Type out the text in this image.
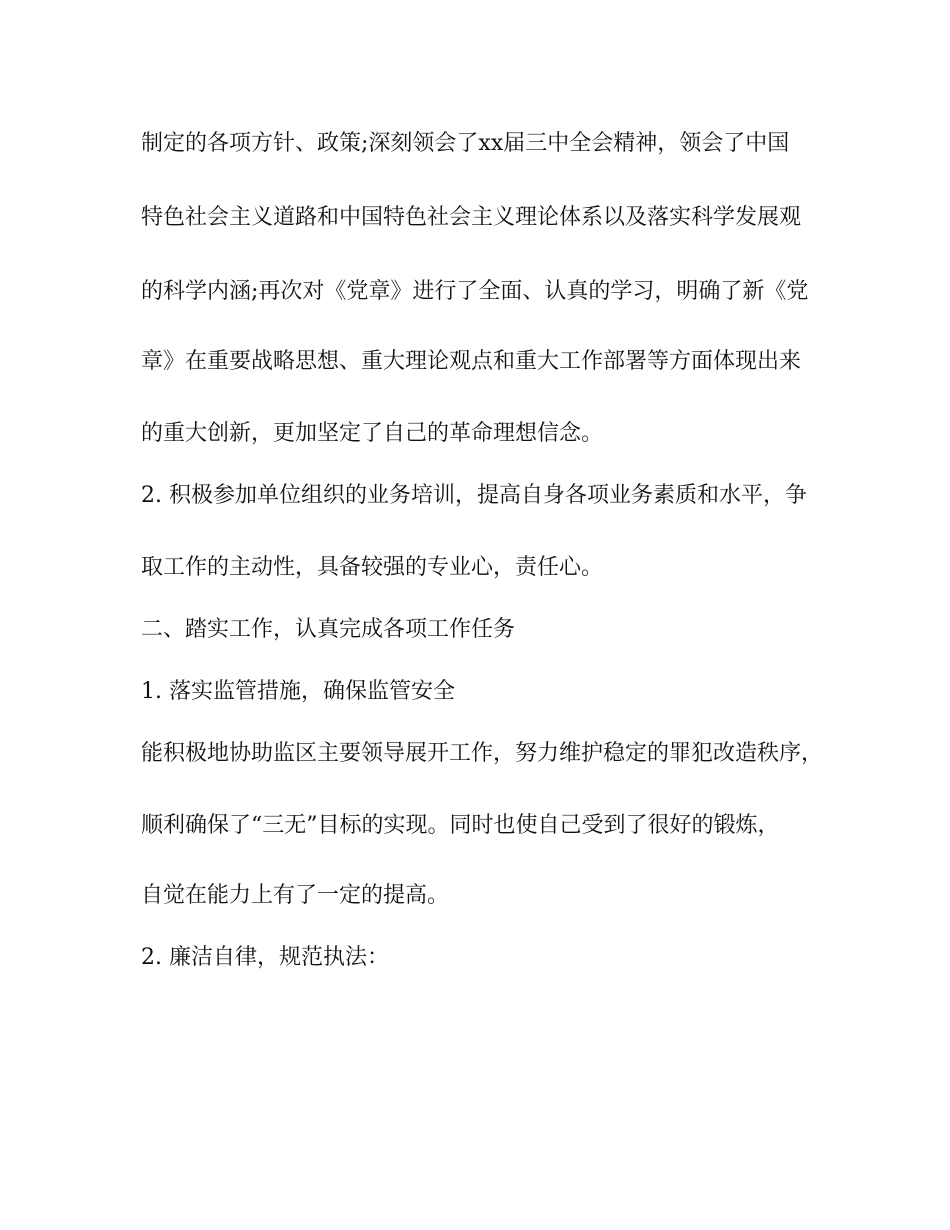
制定的各项方针、政策;深刻领会了xx届三中全会精神，领会了中国
特色社会主义道路和中国特色社会主义理论体系以及落实科学发展观
的科学内涵;再次对《党章》进行了全面、认真的学习，明确了新《党
章》在重要战略思想、重大理论观点和重大工作部署等方面体现出来
的重大创新，更加坚定了自己的革命理想信念。
2. 积极参加单位组织的业务培训，提高自身各项业务素质和水平，争
取工作的主动性，具备较强的专业心，责任心。
二、踏实工作，认真完成各项工作任务
1. 落实监管措施，确保监管安全
能积极地协助监区主要领导展开工作，努力维护稳定的罪犯改造秩序，
顺利确保了“三无”目标的实现。同时也使自己受到了很好的锻炼，
自觉在能力上有了一定的提高。
2. 廉洁自律，规范执法：
